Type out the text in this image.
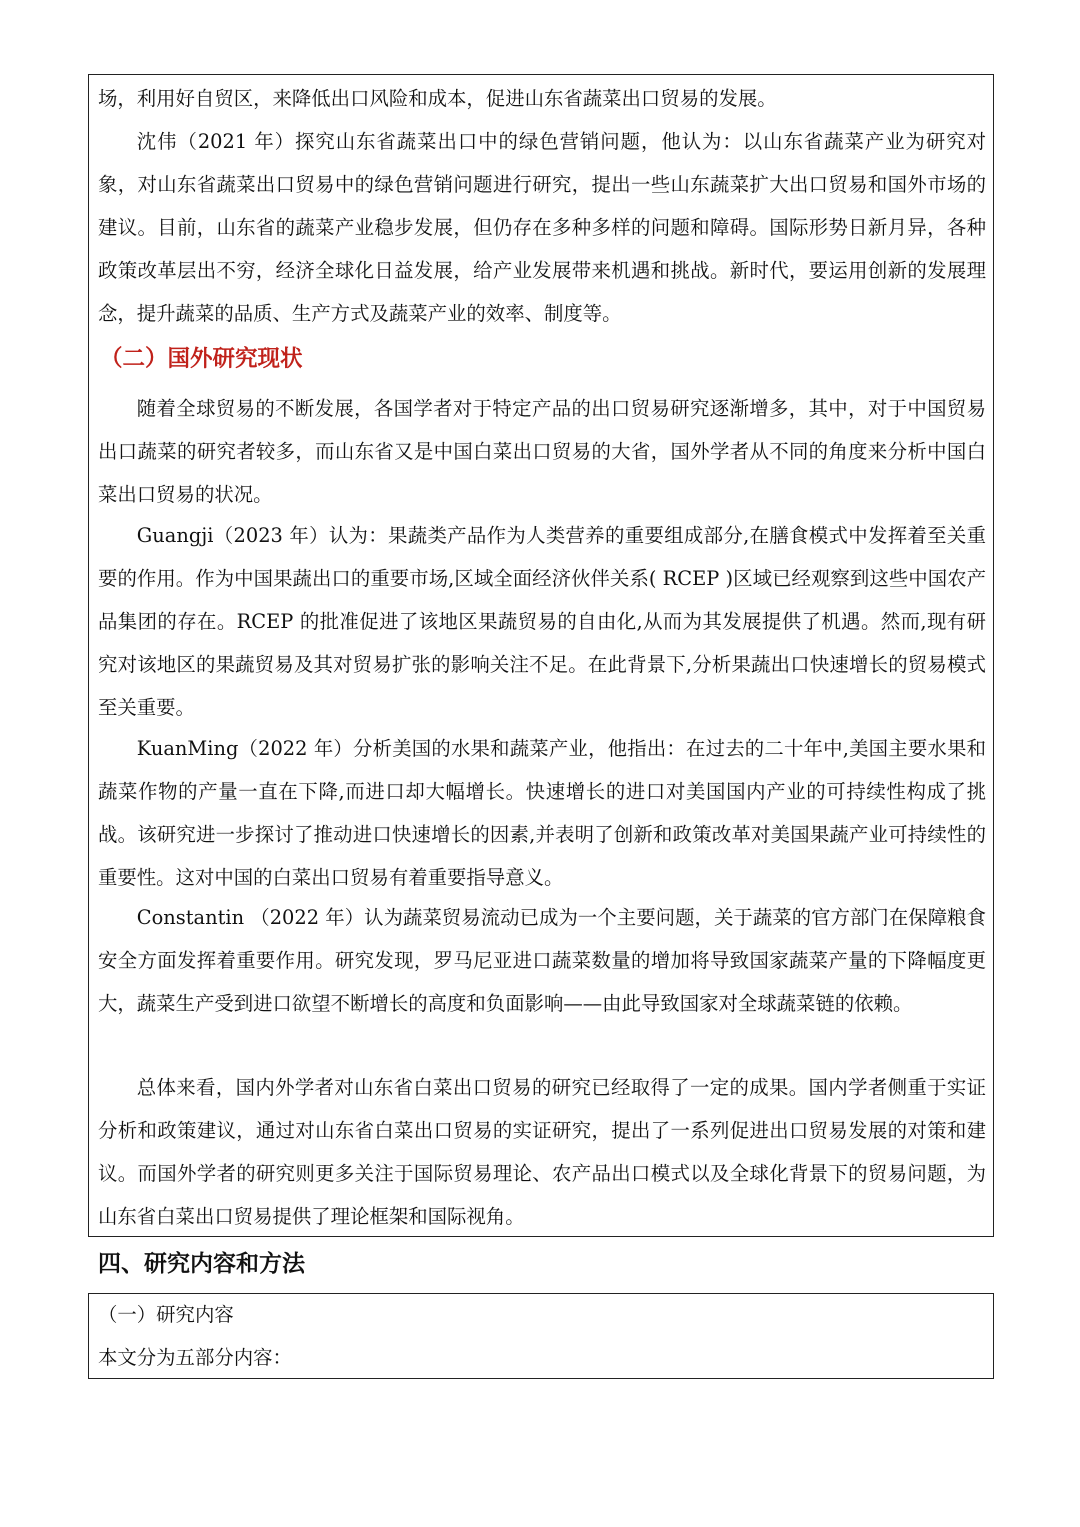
场，利用好自贸区，来降低出口风险和成本，促进山东省蔬菜出口贸易的发展。

沈伟（2021 年）探究山东省蔬菜出口中的绿色营销问题，他认为：以山东省蔬菜产业为研究对象，对山东省蔬菜出口贸易中的绿色营销问题进行研究，提出一些山东蔬菜扩大出口贸易和国外市场的建议。目前，山东省的蔬菜产业稳步发展，但仍存在多种多样的问题和障碍。国际形势日新月异，各种政策改革层出不穷，经济全球化日益发展，给产业发展带来机遇和挑战。新时代，要运用创新的发展理念，提升蔬菜的品质、生产方式及蔬菜产业的效率、制度等。

（二）国外研究现状

随着全球贸易的不断发展，各国学者对于特定产品的出口贸易研究逐渐增多，其中，对于中国贸易出口蔬菜的研究者较多，而山东省又是中国白菜出口贸易的大省，国外学者从不同的角度来分析中国白菜出口贸易的状况。

Guangji（2023 年）认为：果蔬类产品作为人类营养的重要组成部分,在膳食模式中发挥着至关重要的作用。作为中国果蔬出口的重要市场,区域全面经济伙伴关系( RCEP )区域已经观察到这些中国农产品集团的存在。RCEP 的批准促进了该地区果蔬贸易的自由化,从而为其发展提供了机遇。然而,现有研究对该地区的果蔬贸易及其对贸易扩张的影响关注不足。在此背景下,分析果蔬出口快速增长的贸易模式至关重要。

KuanMing（2022 年）分析美国的水果和蔬菜产业，他指出：在过去的二十年中,美国主要水果和蔬菜作物的产量一直在下降,而进口却大幅增长。快速增长的进口对美国国内产业的可持续性构成了挑战。该研究进一步探讨了推动进口快速增长的因素,并表明了创新和政策改革对美国果蔬产业可持续性的重要性。这对中国的白菜出口贸易有着重要指导意义。

Constantin （2022 年）认为蔬菜贸易流动已成为一个主要问题，关于蔬菜的官方部门在保障粮食安全方面发挥着重要作用。研究发现，罗马尼亚进口蔬菜数量的增加将导致国家蔬菜产量的下降幅度更大，蔬菜生产受到进口欲望不断增长的高度和负面影响——由此导致国家对全球蔬菜链的依赖。

总体来看，国内外学者对山东省白菜出口贸易的研究已经取得了一定的成果。国内学者侧重于实证分析和政策建议，通过对山东省白菜出口贸易的实证研究，提出了一系列促进出口贸易发展的对策和建议。而国外学者的研究则更多关注于国际贸易理论、农产品出口模式以及全球化背景下的贸易问题，为山东省白菜出口贸易提供了理论框架和国际视角。

四、研究内容和方法

（一）研究内容

本文分为五部分内容：
